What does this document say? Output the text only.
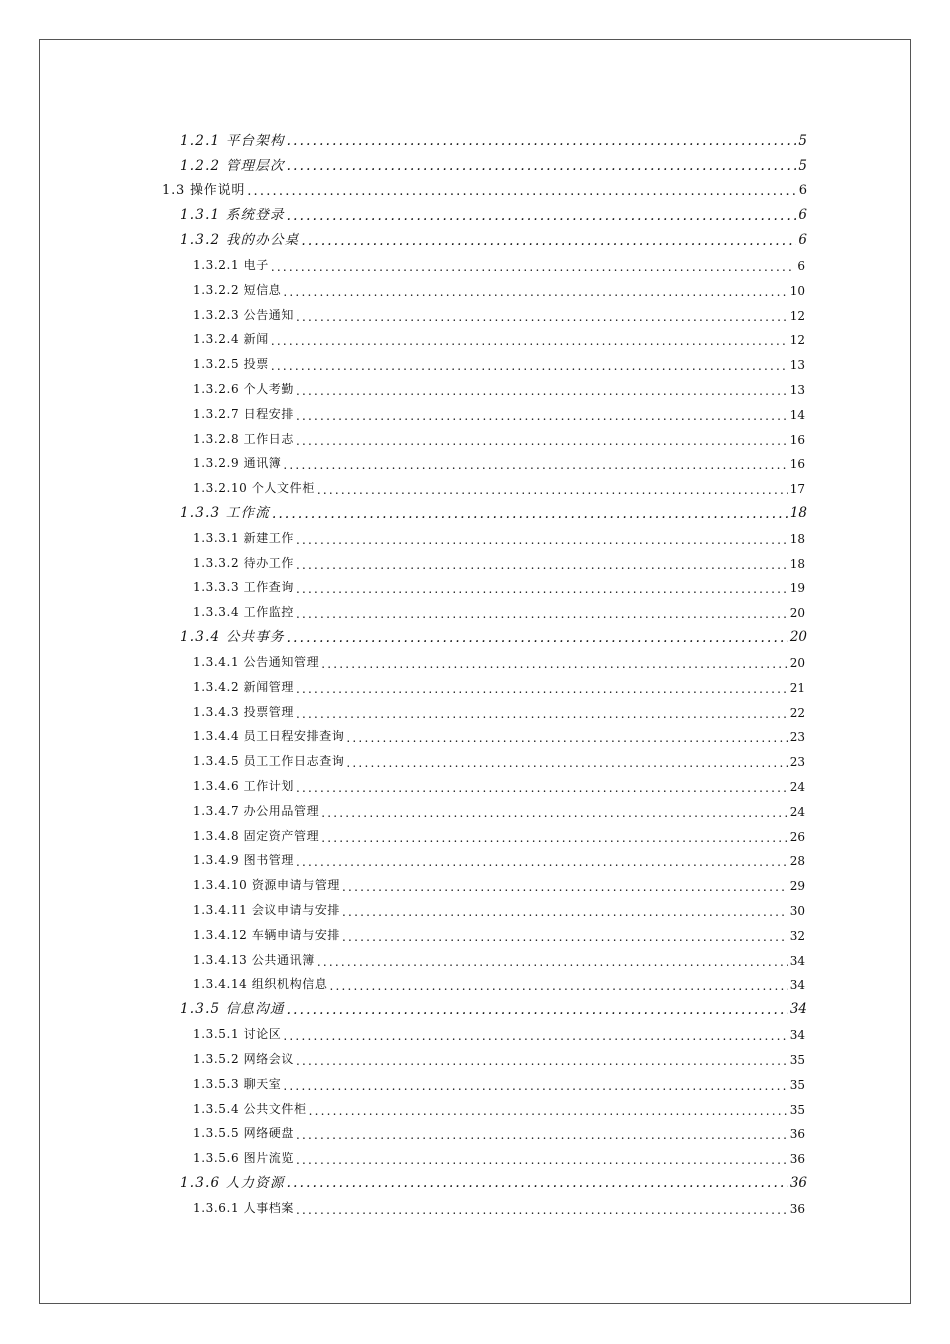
1.2.1 平台架构 .....	5
1.2.2 管理层次 .....	5
1.3 操作说明 .....	6
1.3.1 系统登录 .....	6
1.3.2 我的办公桌 .....	6
1.3.2.1 电子 .....	6
1.3.2.2 短信息 .....	10
1.3.2.3 公告通知 .....	12
1.3.2.4 新闻 .....	12
1.3.2.5 投票 .....	13
1.3.2.6 个人考勤 .....	13
1.3.2.7 日程安排 .....	14
1.3.2.8 工作日志 .....	16
1.3.2.9 通讯簿 .....	16
1.3.2.10 个人文件柜 .....	17
1.3.3 工作流 .....	18
1.3.3.1 新建工作 .....	18
1.3.3.2 待办工作 .....	18
1.3.3.3 工作查询 .....	19
1.3.3.4 工作监控 .....	20
1.3.4 公共事务 .....	20
1.3.4.1 公告通知管理 .....	20
1.3.4.2 新闻管理 .....	21
1.3.4.3 投票管理 .....	22
1.3.4.4 员工日程安排查询 .....	23
1.3.4.5 员工工作日志查询 .....	23
1.3.4.6 工作计划 .....	24
1.3.4.7 办公用品管理 .....	24
1.3.4.8 固定资产管理 .....	26
1.3.4.9 图书管理 .....	28
1.3.4.10 资源申请与管理 .....	29
1.3.4.11 会议申请与安排 .....	30
1.3.4.12 车辆申请与安排 .....	32
1.3.4.13 公共通讯簿 .....	34
1.3.4.14 组织机构信息 .....	34
1.3.5 信息沟通 .....	34
1.3.5.1 讨论区 .....	34
1.3.5.2 网络会议 .....	35
1.3.5.3 聊天室 .....	35
1.3.5.4 公共文件柜 .....	35
1.3.5.5 网络硬盘 .....	36
1.3.5.6 图片流览 .....	36
1.3.6 人力资源 .....	36
1.3.6.1 人事档案 .....	36
